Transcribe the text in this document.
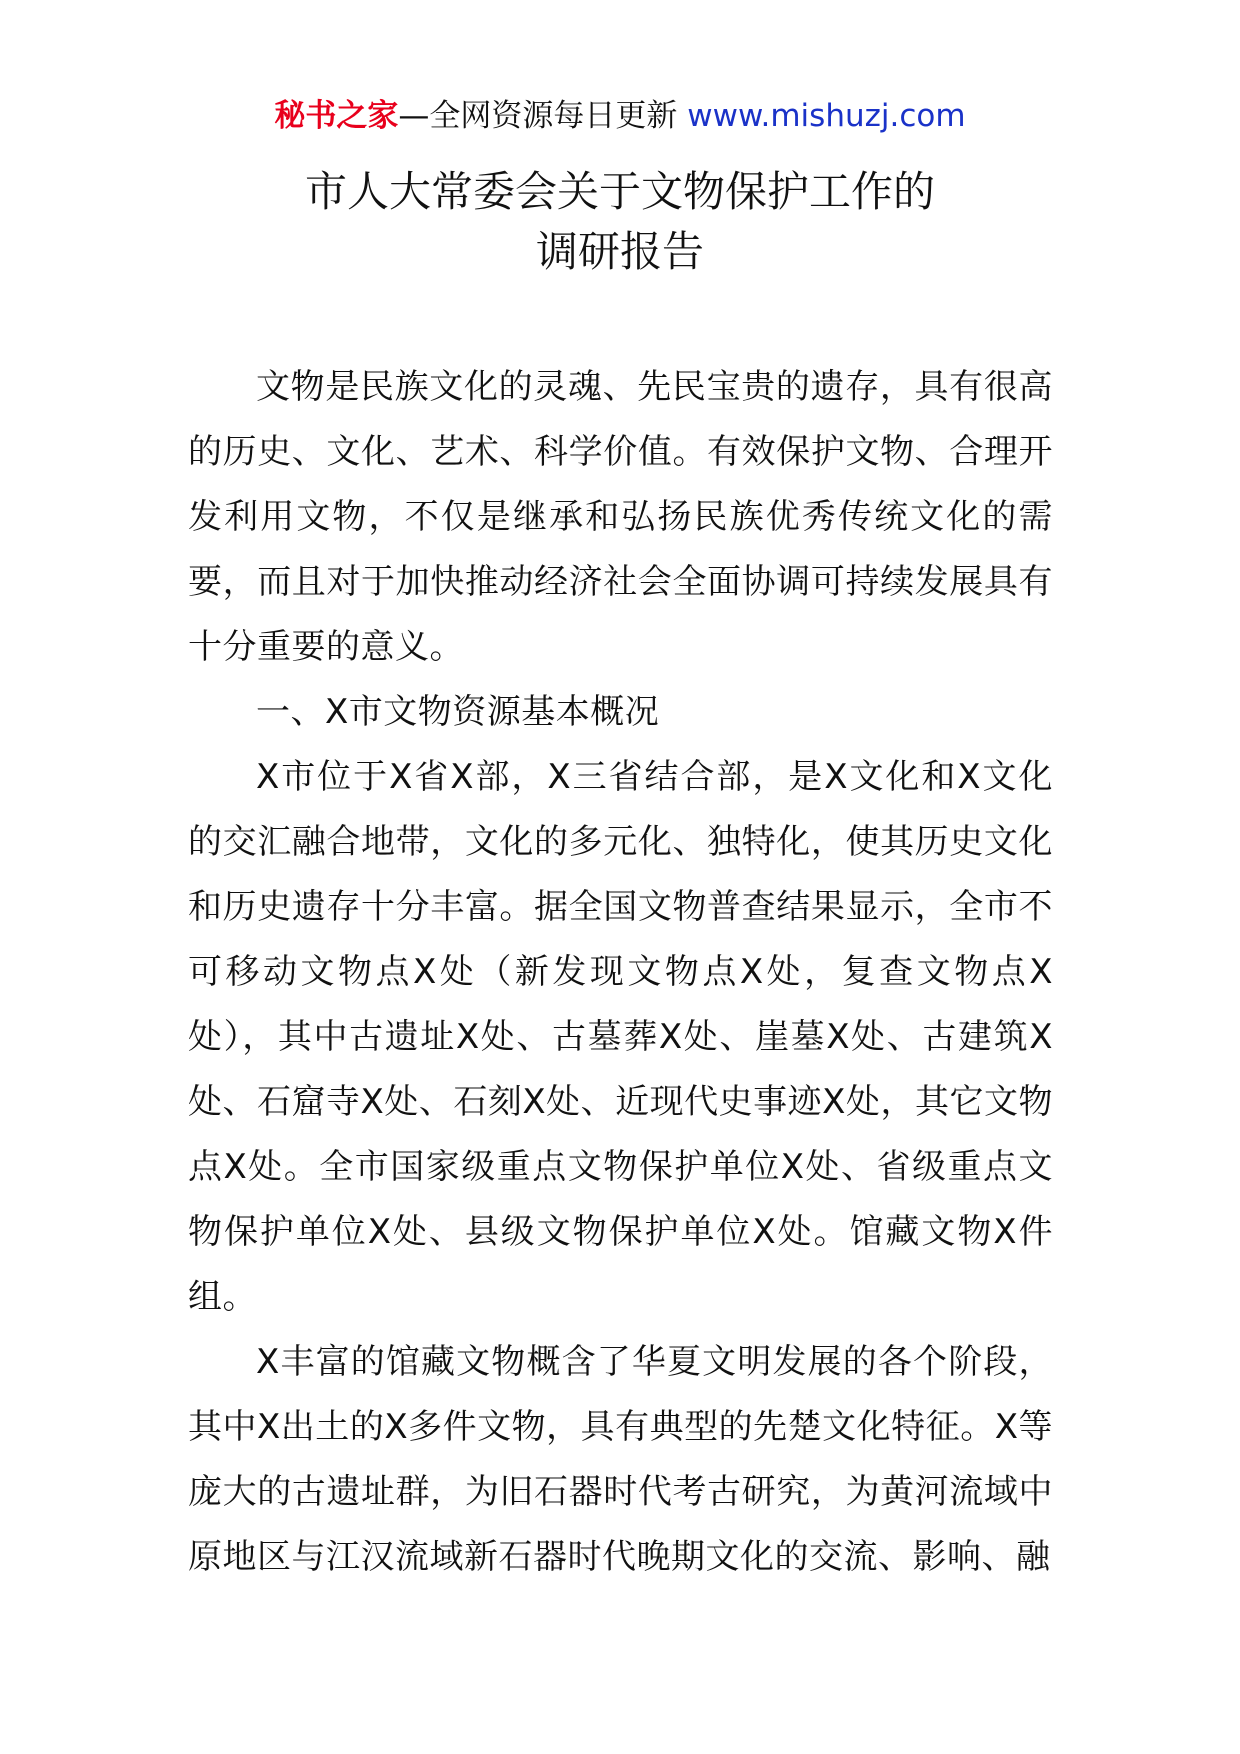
秘书之家—全网资源每日更新 www.mishuzj.com
市人大常委会关于文物保护工作的
调研报告

文物是民族文化的灵魂、先民宝贵的遗存，具有很高的历史、文化、艺术、科学价值。有效保护文物、合理开发利用文物，不仅是继承和弘扬民族优秀传统文化的需要，而且对于加快推动经济社会全面协调可持续发展具有十分重要的意义。

一、X市文物资源基本概况

X市位于X省X部，X三省结合部，是X文化和X文化的交汇融合地带，文化的多元化、独特化，使其历史文化和历史遗存十分丰富。据全国文物普查结果显示，全市不可移动文物点X处（新发现文物点X处，复查文物点X处），其中古遗址X处、古墓葬X处、崖墓X处、古建筑X处、石窟寺X处、石刻X处、近现代史事迹X处，其它文物点X处。全市国家级重点文物保护单位X处、省级重点文物保护单位X处、县级文物保护单位X处。馆藏文物X件组。

X丰富的馆藏文物概含了华夏文明发展的各个阶段，其中X出土的X多件文物，具有典型的先楚文化特征。X等庞大的古遗址群，为旧石器时代考古研究，为黄河流域中原地区与江汉流域新石器时代晚期文化的交流、影响、融
